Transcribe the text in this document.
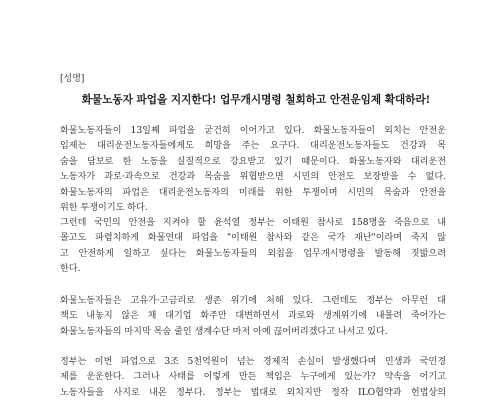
[성명]
화물노동자 파업을 지지한다! 업무개시명령 철회하고 안전운임제 확대하라!
화물노동자들이 13일째 파업을 굳건히 이어가고 있다. 화물노동자들이 외치는 안전운
임제는 대리운전노동자들에게도 희망을 주는 요구다. 대리운전노동자들도 건강과 목
숨을 담보로 한 노동을 실질적으로 강요받고 있기 때문이다. 화물노동자와 대리운전
노동자가 과로·과속으로 건강과 목숨을 위협받으면 시민의 안전도 보장받을 수 없다.
화물노동자의 파업은 대리운전노동자의 미래를 위한 투쟁이며 시민의 목숨과 안전을
위한 투쟁이기도 하다.
그런데 국민의 안전을 지켜야 할 윤석열 정부는 이태원 참사로 158명을 죽음으로 내
몰고도 파렴치하게 화물연대 파업을 "이태원 참사와 같은 국가 재난"이라며 죽지 않
고 안전하게 일하고 싶다는 화물노동자들의 외침을 업무개시명령을 발동해 짓밟으려
한다.
화물노동자들은 고유가·고금리로 생존 위기에 처해 있다. 그런데도 정부는 아무런 대
책도 내놓지 않은 채 대기업 화주만 대변하면서 과로와 생계위기에 내몰려 죽어가는
화물노동자들의 마지막 목숨 줄인 생계수단 마저 아예 끊어버리겠다고 나서고 있다.
정부는 이번 파업으로 3조 5천억원이 넘는 경제적 손실이 발생했다며 민생과 국민경
제를 운운한다. 그러나 사태를 이렇게 만든 책임은 누구에게 있는가? 약속을 어기고
노동자들을 사지로 내몬 정부다. 정부는 법대로 외치지만 정작 ILO협약과 헌법상의
